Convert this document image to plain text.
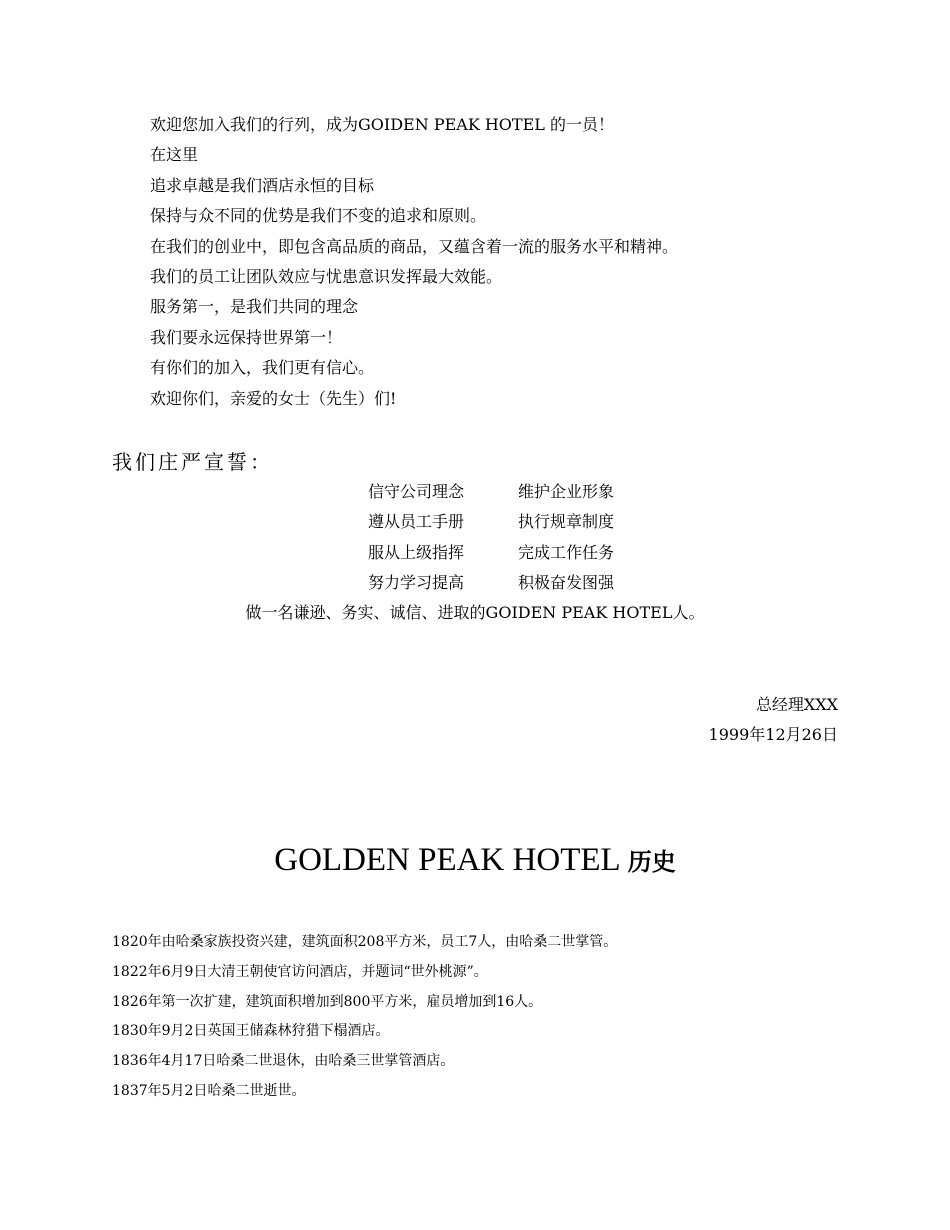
欢迎您加入我们的行列，成为GOIDEN PEAK HOTEL 的一员！
在这里
追求卓越是我们酒店永恒的目标
保持与众不同的优势是我们不变的追求和原则。
在我们的创业中，即包含高品质的商品，又蕴含着一流的服务水平和精神。
我们的员工让团队效应与忧患意识发挥最大效能。
服务第一，是我们共同的理念
我们要永远保持世界第一！
有你们的加入，我们更有信心。
欢迎你们，亲爱的女士（先生）们!
我们庄严宣誓：
信守公司理念	维护企业形象
遵从员工手册	执行规章制度
服从上级指挥	完成工作任务
努力学习提高	积极奋发图强
做一名谦逊、务实、诚信、进取的GOIDEN PEAK HOTEL人。
总经理XXX
1999年12月26日
GOLDEN PEAK HOTEL 历史
1820年由哈桑家族投资兴建，建筑面积208平方米，员工7人，由哈桑二世掌管。
1822年6月9日大清王朝使官访问酒店，并题词“世外桃源”。
1826年第一次扩建，建筑面积增加到800平方米，雇员增加到16人。
1830年9月2日英国王储森林狩猎下榻酒店。
1836年4月17日哈桑二世退休，由哈桑三世掌管酒店。
1837年5月2日哈桑二世逝世。
